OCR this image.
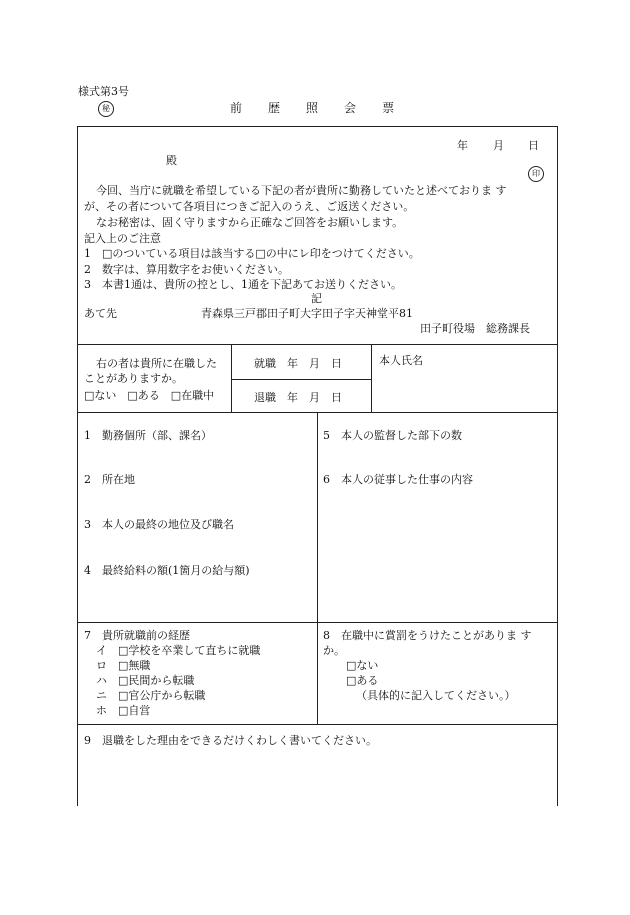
様式第3号
秘	前 歴 照 会 票
年 月 日
殿
印
今回、当庁に就職を希望している下記の者が貴所に勤務していたと述べておりま す
が、その者について各項目につきご記入のうえ、ご返送ください。
なお秘密は、固く守りますから正確なご回答をお願いします。
記入上のご注意
1　□のついている項目は該当する□の中にレ印をつけてください。
2　数字は、算用数字をお使いください。
3　本書1通は、貴所の控とし、1通を下記あてお送りください。
記
あて先	青森県三戸郡田子町大字田子字天神堂平81
田子町役場　総務課長
右の者は貴所に在職した
ことがありますか。
□ない　□ある　□在職中
就職　年　月　日
退職　年　月　日
本人氏名
1　勤務個所（部、課名）
2　所在地
3　本人の最終の地位及び職名
4　最終給料の額(1箇月の給与額)
5　本人の監督した部下の数
6　本人の従事した仕事の内容
7　貴所就職前の経歴
イ　□学校を卒業して直ちに就職
ロ　□無職
ハ　□民間から転職
ニ　□官公庁から転職
ホ　□自営
8　在職中に賞罰をうけたことがありま す
か。
□ない
□ある
（具体的に記入してください。）
9　退職をした理由をできるだけくわしく書いてください。
